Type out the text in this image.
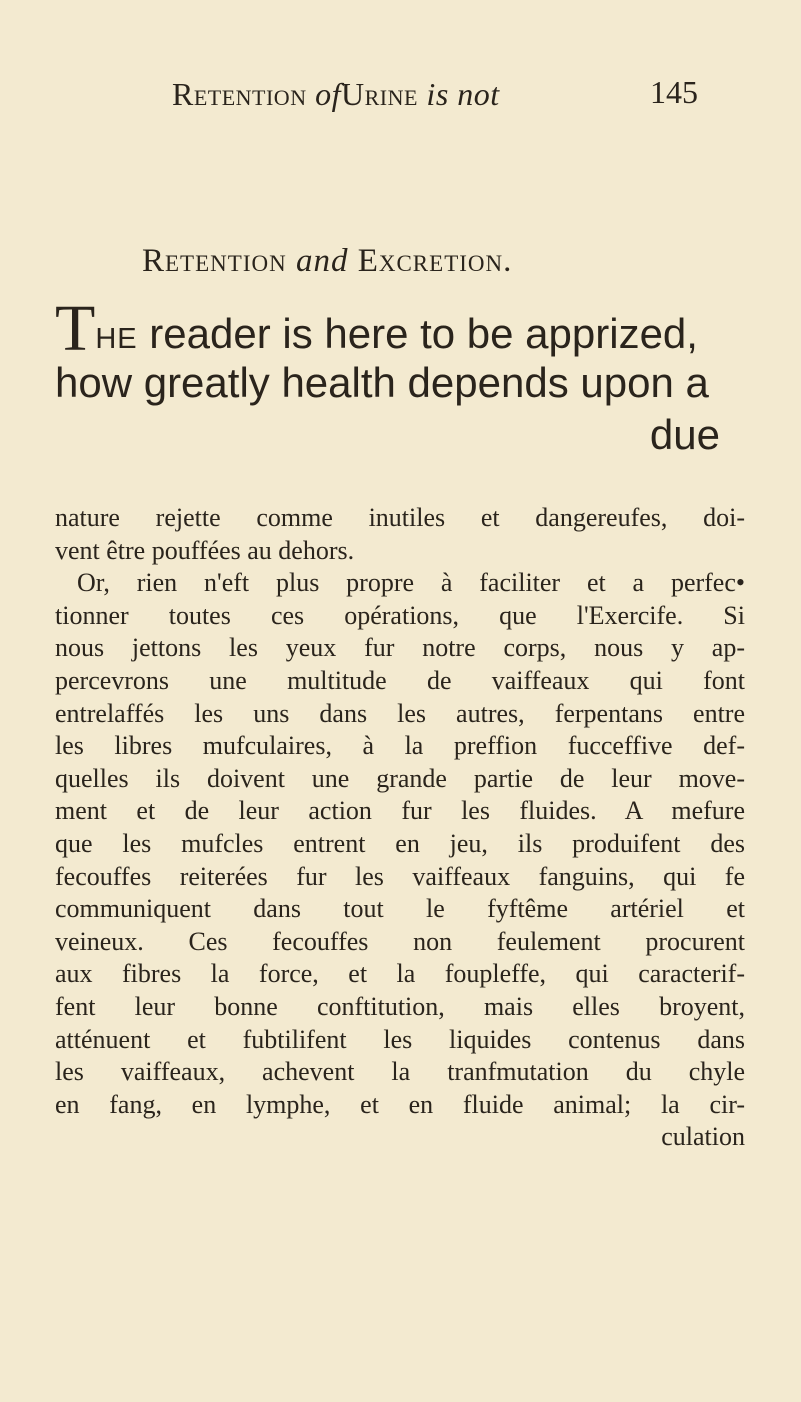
Retention ofUrine is not	145
Retention and Excretion.
The reader is here to be apprized,
how greatly health depends upon a
due
nature rejette comme inutiles et dangereufes, doi-
vent être pouffées au dehors.
Or, rien n'eft plus propre à faciliter et a perfec•
tionner toutes ces opérations, que l'Exercife. Si
nous jettons les yeux fur notre corps, nous y ap-
percevrons une multitude de vaiffeaux qui font
entrelaffés les uns dans les autres, ferpentans entre
les libres mufculaires, à la preffion fucceffive def-
quelles ils doivent une grande partie de leur move-
ment et de leur action fur les fluides. A mefure
que les mufcles entrent en jeu, ils produifent des
fecouffes reiterées fur les vaiffeaux fanguins, qui fe
communiquent dans tout le fyftême artériel et
veineux. Ces fecouffes non feulement procurent
aux fibres la force, et la foupleffe, qui caracterif-
fent leur bonne conftitution, mais elles broyent,
atténuent et fubtilifent les liquides contenus dans
les vaiffeaux, achevent la tranfmutation du chyle
en fang, en lymphe, et en fluide animal; la cir-
culation
